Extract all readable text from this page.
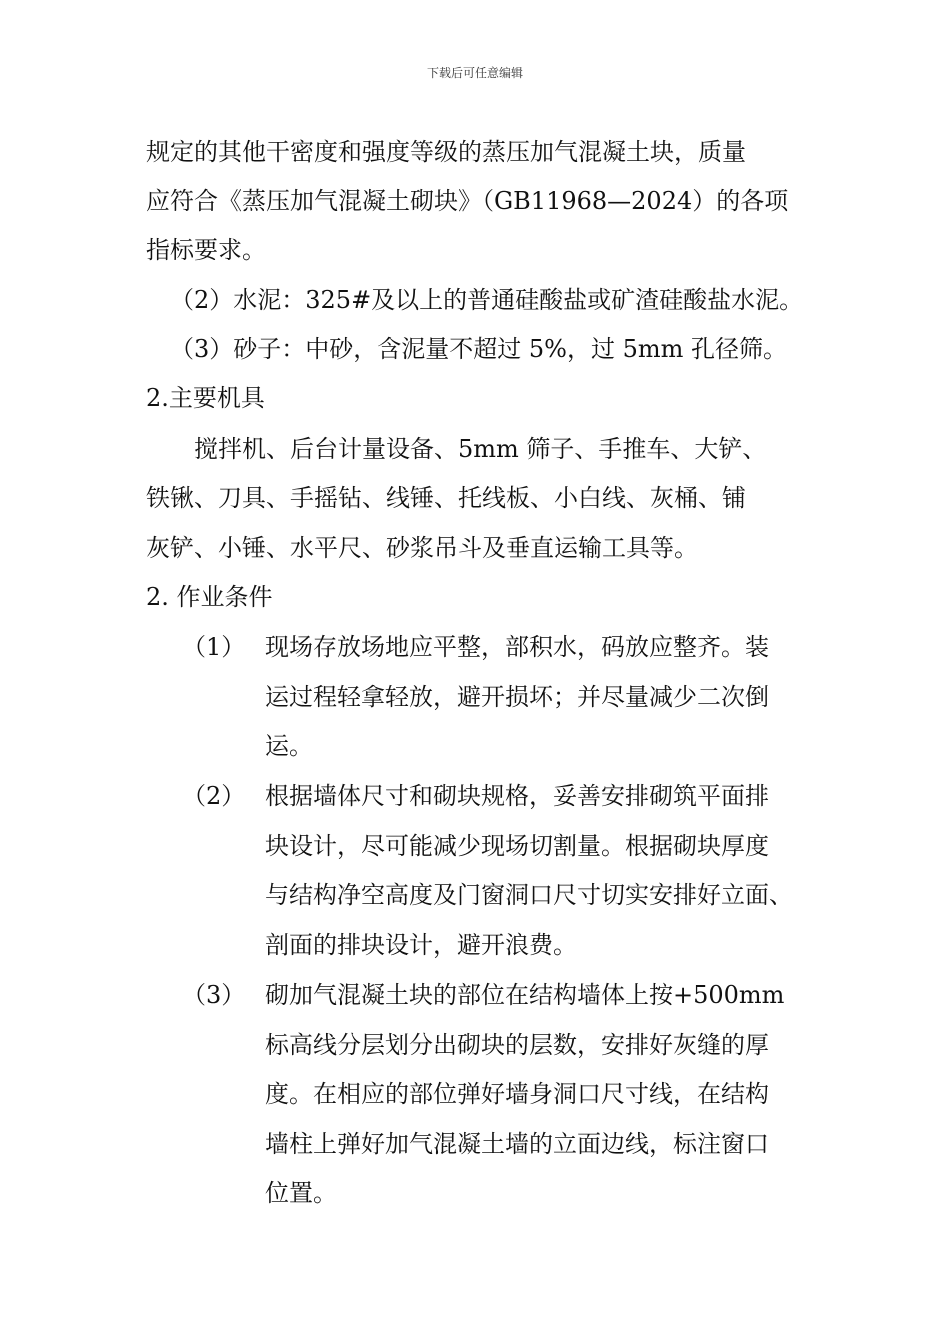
下载后可任意编辑
规定的其他干密度和强度等级的蒸压加气混凝土块，质量
应符合《蒸压加气混凝土砌块》（GB11968—2024）的各项
指标要求。
（2）水泥：325#及以上的普通硅酸盐或矿渣硅酸盐水泥。
（3）砂子：中砂，含泥量不超过 5%，过 5mm 孔径筛。
2.主要机具
搅拌机、后台计量设备、5mm 筛子、手推车、大铲、
铁锹、刀具、手摇钻、线锤、托线板、小白线、灰桶、铺
灰铲、小锤、水平尺、砂浆吊斗及垂直运输工具等。
2. 作业条件
（1） 现场存放场地应平整，部积水，码放应整齐。装
运过程轻拿轻放，避开损坏；并尽量减少二次倒
运。
（2） 根据墙体尺寸和砌块规格，妥善安排砌筑平面排
块设计，尽可能减少现场切割量。根据砌块厚度
与结构净空高度及门窗洞口尺寸切实安排好立面、
剖面的排块设计，避开浪费。
（3） 砌加气混凝土块的部位在结构墙体上按+500mm
标高线分层划分出砌块的层数，安排好灰缝的厚
度。在相应的部位弹好墙身洞口尺寸线，在结构
墙柱上弹好加气混凝土墙的立面边线，标注窗口
位置。
